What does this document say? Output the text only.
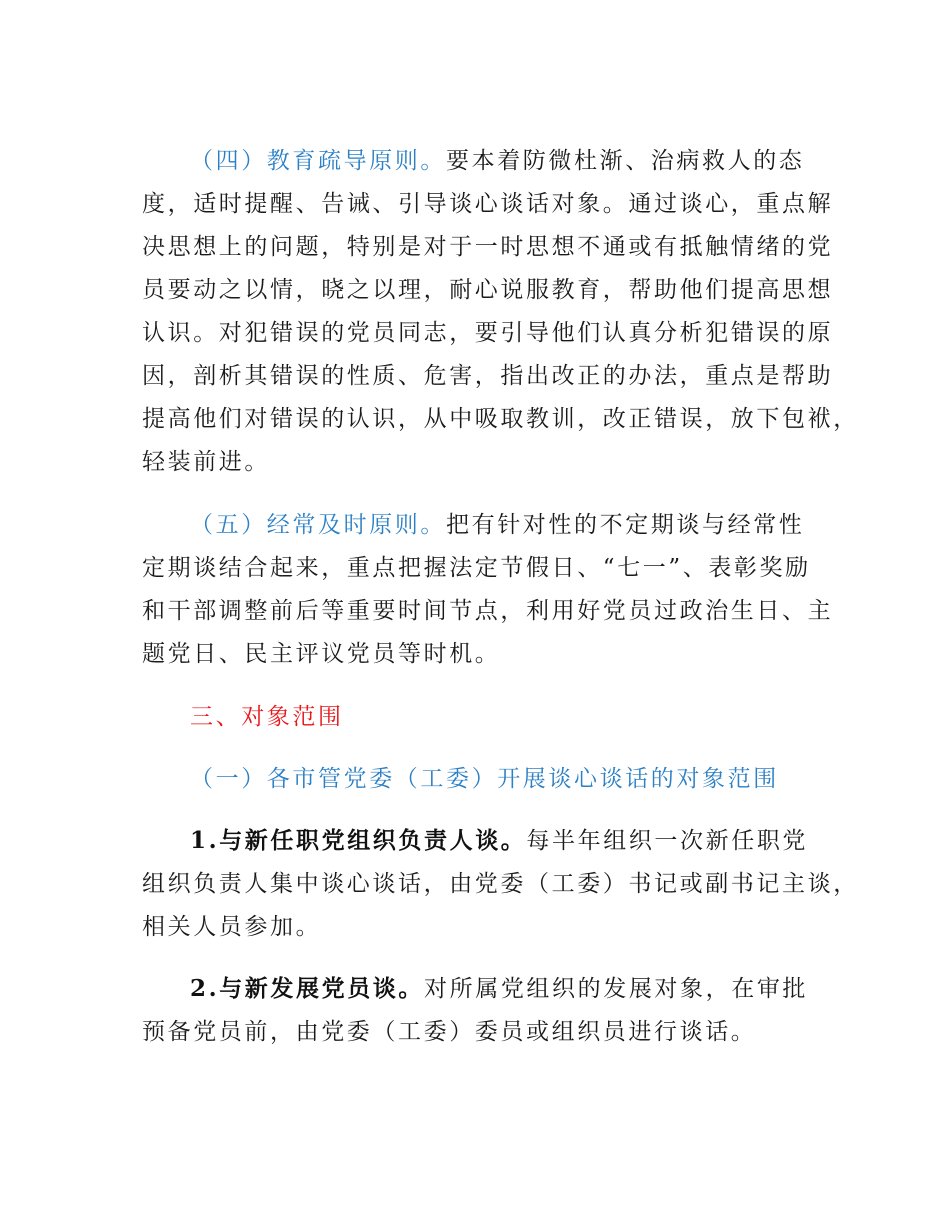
（四）教育疏导原则。要本着防微杜渐、治病救人的态

度，适时提醒、告诫、引导谈心谈话对象。通过谈心，重点解

决思想上的问题，特别是对于一时思想不通或有抵触情绪的党

员要动之以情，晓之以理，耐心说服教育，帮助他们提高思想

认识。对犯错误的党员同志，要引导他们认真分析犯错误的原

因，剖析其错误的性质、危害，指出改正的办法，重点是帮助

提高他们对错误的认识，从中吸取教训，改正错误，放下包袱，

轻装前进。

（五）经常及时原则。把有针对性的不定期谈与经常性

定期谈结合起来，重点把握法定节假日、“七一”、表彰奖励

和干部调整前后等重要时间节点，利用好党员过政治生日、主

题党日、民主评议党员等时机。

三、对象范围

（一）各市管党委（工委）开展谈心谈话的对象范围

1.与新任职党组织负责人谈。每半年组织一次新任职党

组织负责人集中谈心谈话，由党委（工委）书记或副书记主谈，

相关人员参加。

2.与新发展党员谈。对所属党组织的发展对象，在审批

预备党员前，由党委（工委）委员或组织员进行谈话。
